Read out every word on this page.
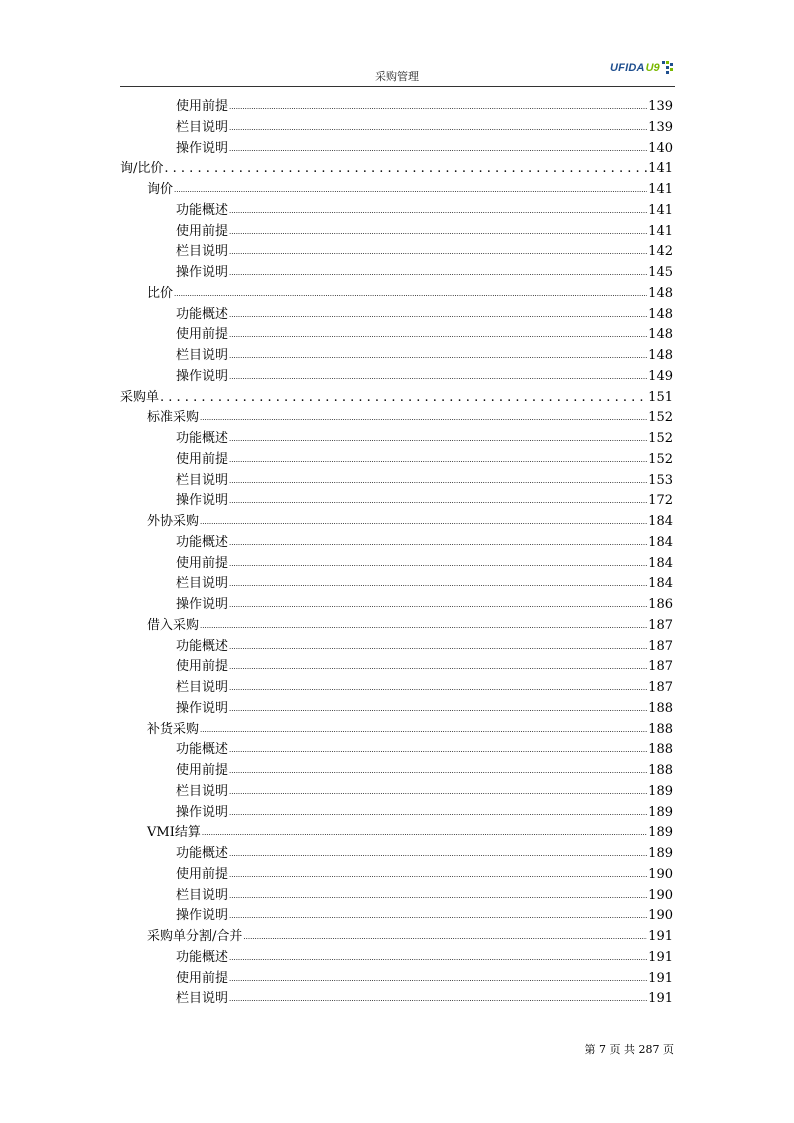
采购管理
UFIDA U9
使用前提 .....	139
栏目说明 .....	139
操作说明 .....	140
询/比价 . . .	141
询价 .....	141
功能概述 .....	141
使用前提 .....	141
栏目说明 .....	142
操作说明 .....	145
比价 .....	148
功能概述 .....	148
使用前提 .....	148
栏目说明 .....	148
操作说明 .....	149
采购单 . . .	151
标准采购 .....	152
功能概述 .....	152
使用前提 .....	152
栏目说明 .....	153
操作说明 .....	172
外协采购 .....	184
功能概述 .....	184
使用前提 .....	184
栏目说明 .....	184
操作说明 .....	186
借入采购 .....	187
功能概述 .....	187
使用前提 .....	187
栏目说明 .....	187
操作说明 .....	188
补货采购 .....	188
功能概述 .....	188
使用前提 .....	188
栏目说明 .....	189
操作说明 .....	189
VMI结算 .....	189
功能概述 .....	189
使用前提 .....	190
栏目说明 .....	190
操作说明 .....	190
采购单分割/合并 .....	191
功能概述 .....	191
使用前提 .....	191
栏目说明 .....	191
第 7 页 共 287 页
